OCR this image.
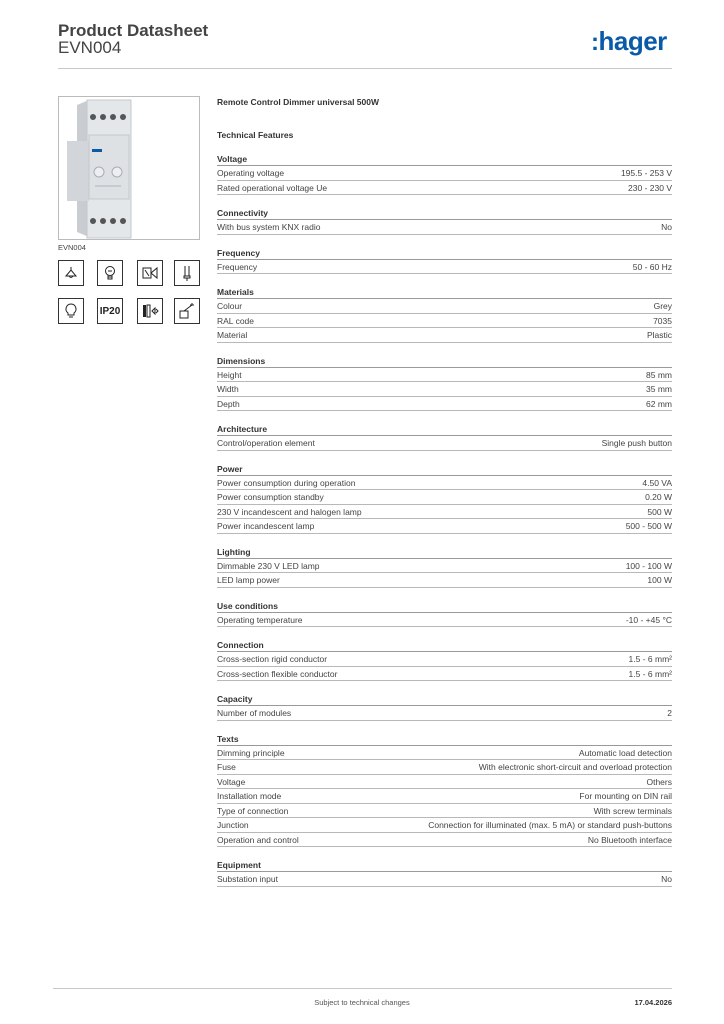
Product Datasheet
EVN004	:hager
EVN004
IP20
Remote Control Dimmer universal 500W
Technical Features
Voltage
Operating voltage	195.5 - 253 V
Rated operational voltage Ue	230 - 230 V
Connectivity
With bus system KNX radio	No
Frequency
Frequency	50 - 60 Hz
Materials
Colour	Grey
RAL code	7035
Material	Plastic
Dimensions
Height	85 mm
Width	35 mm
Depth	62 mm
Architecture
Control/operation element	Single push button
Power
Power consumption during operation	4.50 VA
Power consumption standby	0.20 W
230 V incandescent and halogen lamp	500 W
Power incandescent lamp	500 - 500 W
Lighting
Dimmable 230 V LED lamp	100 - 100 W
LED lamp power	100 W
Use conditions
Operating temperature	-10 - +45 °C
Connection
Cross-section rigid conductor	1.5 - 6 mm²
Cross-section flexible conductor	1.5 - 6 mm²
Capacity
Number of modules	2
Texts
Dimming principle	Automatic load detection
Fuse	With electronic short-circuit and overload protection
Voltage	Others
Installation mode	For mounting on DIN rail
Type of connection	With screw terminals
Junction	Connection for illuminated (max. 5 mA) or standard push-buttons
Operation and control	No Bluetooth interface
Equipment
Substation input	No
Subject to technical changes	17.04.2026
